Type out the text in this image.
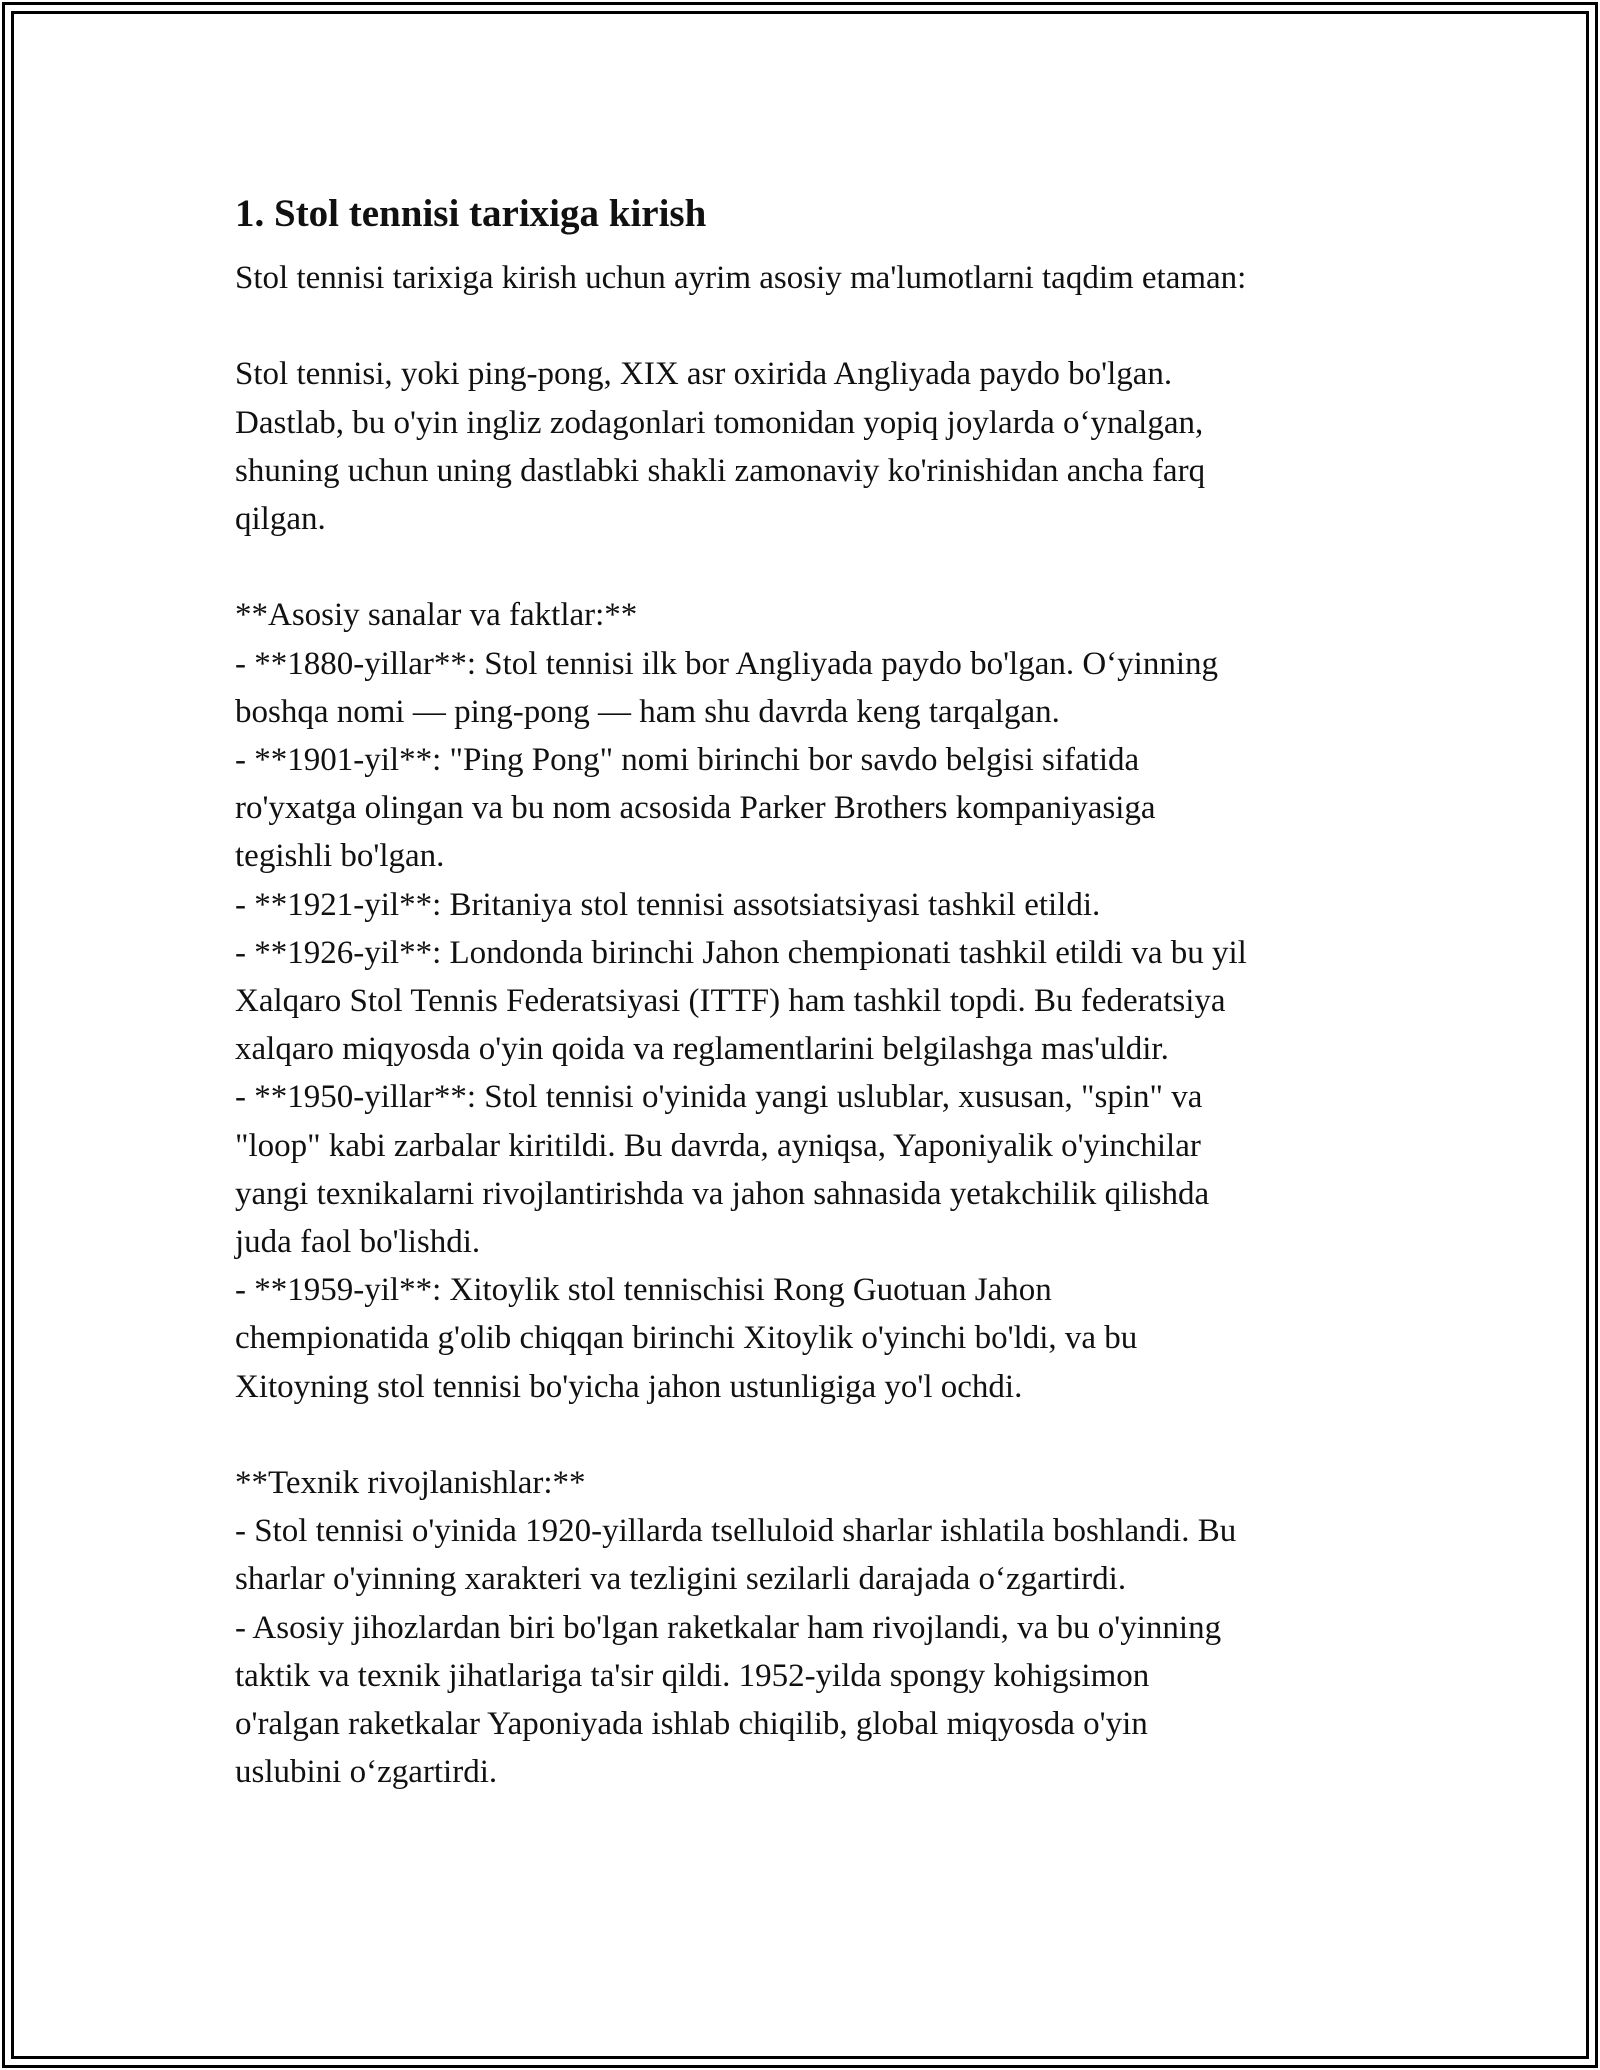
1. Stol tennisi tarixiga kirish

Stol tennisi tarixiga kirish uchun ayrim asosiy ma'lumotlarni taqdim etaman:

Stol tennisi, yoki ping-pong, XIX asr oxirida Angliyada paydo bo'lgan.

Dastlab, bu o'yin ingliz zodagonlari tomonidan yopiq joylarda o‘ynalgan,

shuning uchun uning dastlabki shakli zamonaviy ko'rinishidan ancha farq

qilgan.

**Asosiy sanalar va faktlar:**

- **1880-yillar**: Stol tennisi ilk bor Angliyada paydo bo'lgan. O‘yinning

boshqa nomi — ping-pong — ham shu davrda keng tarqalgan.

- **1901-yil**: "Ping Pong" nomi birinchi bor savdo belgisi sifatida

ro'yxatga olingan va bu nom acsosida Parker Brothers kompaniyasiga

tegishli bo'lgan.

- **1921-yil**: Britaniya stol tennisi assotsiatsiyasi tashkil etildi.

- **1926-yil**: Londonda birinchi Jahon chempionati tashkil etildi va bu yil

Xalqaro Stol Tennis Federatsiyasi (ITTF) ham tashkil topdi. Bu federatsiya

xalqaro miqyosda o'yin qoida va reglamentlarini belgilashga mas'uldir.

- **1950-yillar**: Stol tennisi o'yinida yangi uslublar, xususan, "spin" va

"loop" kabi zarbalar kiritildi. Bu davrda, ayniqsa, Yaponiyalik o'yinchilar

yangi texnikalarni rivojlantirishda va jahon sahnasida yetakchilik qilishda

juda faol bo'lishdi.

- **1959-yil**: Xitoylik stol tennischisi Rong Guotuan Jahon

chempionatida g'olib chiqqan birinchi Xitoylik o'yinchi bo'ldi, va bu

Xitoyning stol tennisi bo'yicha jahon ustunligiga yo'l ochdi.

**Texnik rivojlanishlar:**

- Stol tennisi o'yinida 1920-yillarda tselluloid sharlar ishlatila boshlandi. Bu

sharlar o'yinning xarakteri va tezligini sezilarli darajada o‘zgartirdi.

- Asosiy jihozlardan biri bo'lgan raketkalar ham rivojlandi, va bu o'yinning

taktik va texnik jihatlariga ta'sir qildi. 1952-yilda spongy kohigsimon

o'ralgan raketkalar Yaponiyada ishlab chiqilib, global miqyosda o'yin

uslubini o‘zgartirdi.
